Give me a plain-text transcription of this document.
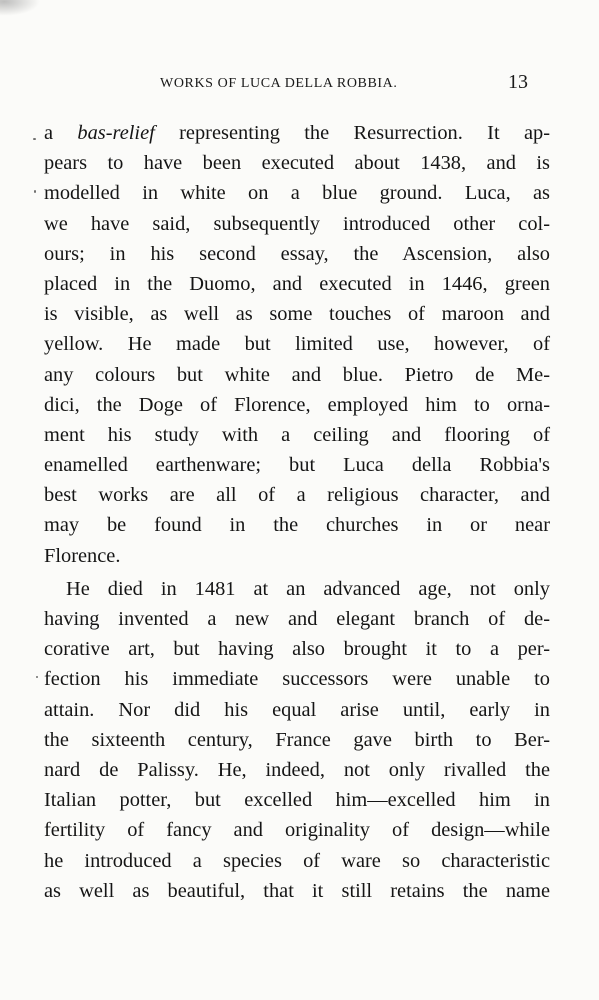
WORKS OF LUCA DELLA ROBBIA.	13
a bas-relief representing the Resurrection. It ap-
pears to have been executed about 1438, and is
modelled in white on a blue ground. Luca, as
we have said, subsequently introduced other col-
ours; in his second essay, the Ascension, also
placed in the Duomo, and executed in 1446, green
is visible, as well as some touches of maroon and
yellow. He made but limited use, however, of
any colours but white and blue. Pietro de Me-
dici, the Doge of Florence, employed him to orna-
ment his study with a ceiling and flooring of
enamelled earthenware; but Luca della Robbia's
best works are all of a religious character, and
may be found in the churches in or near
Florence.
He died in 1481 at an advanced age, not only
having invented a new and elegant branch of de-
corative art, but having also brought it to a per-
fection his immediate successors were unable to
attain. Nor did his equal arise until, early in
the sixteenth century, France gave birth to Ber-
nard de Palissy. He, indeed, not only rivalled the
Italian potter, but excelled him—excelled him in
fertility of fancy and originality of design—while
he introduced a species of ware so characteristic
as well as beautiful, that it still retains the name
